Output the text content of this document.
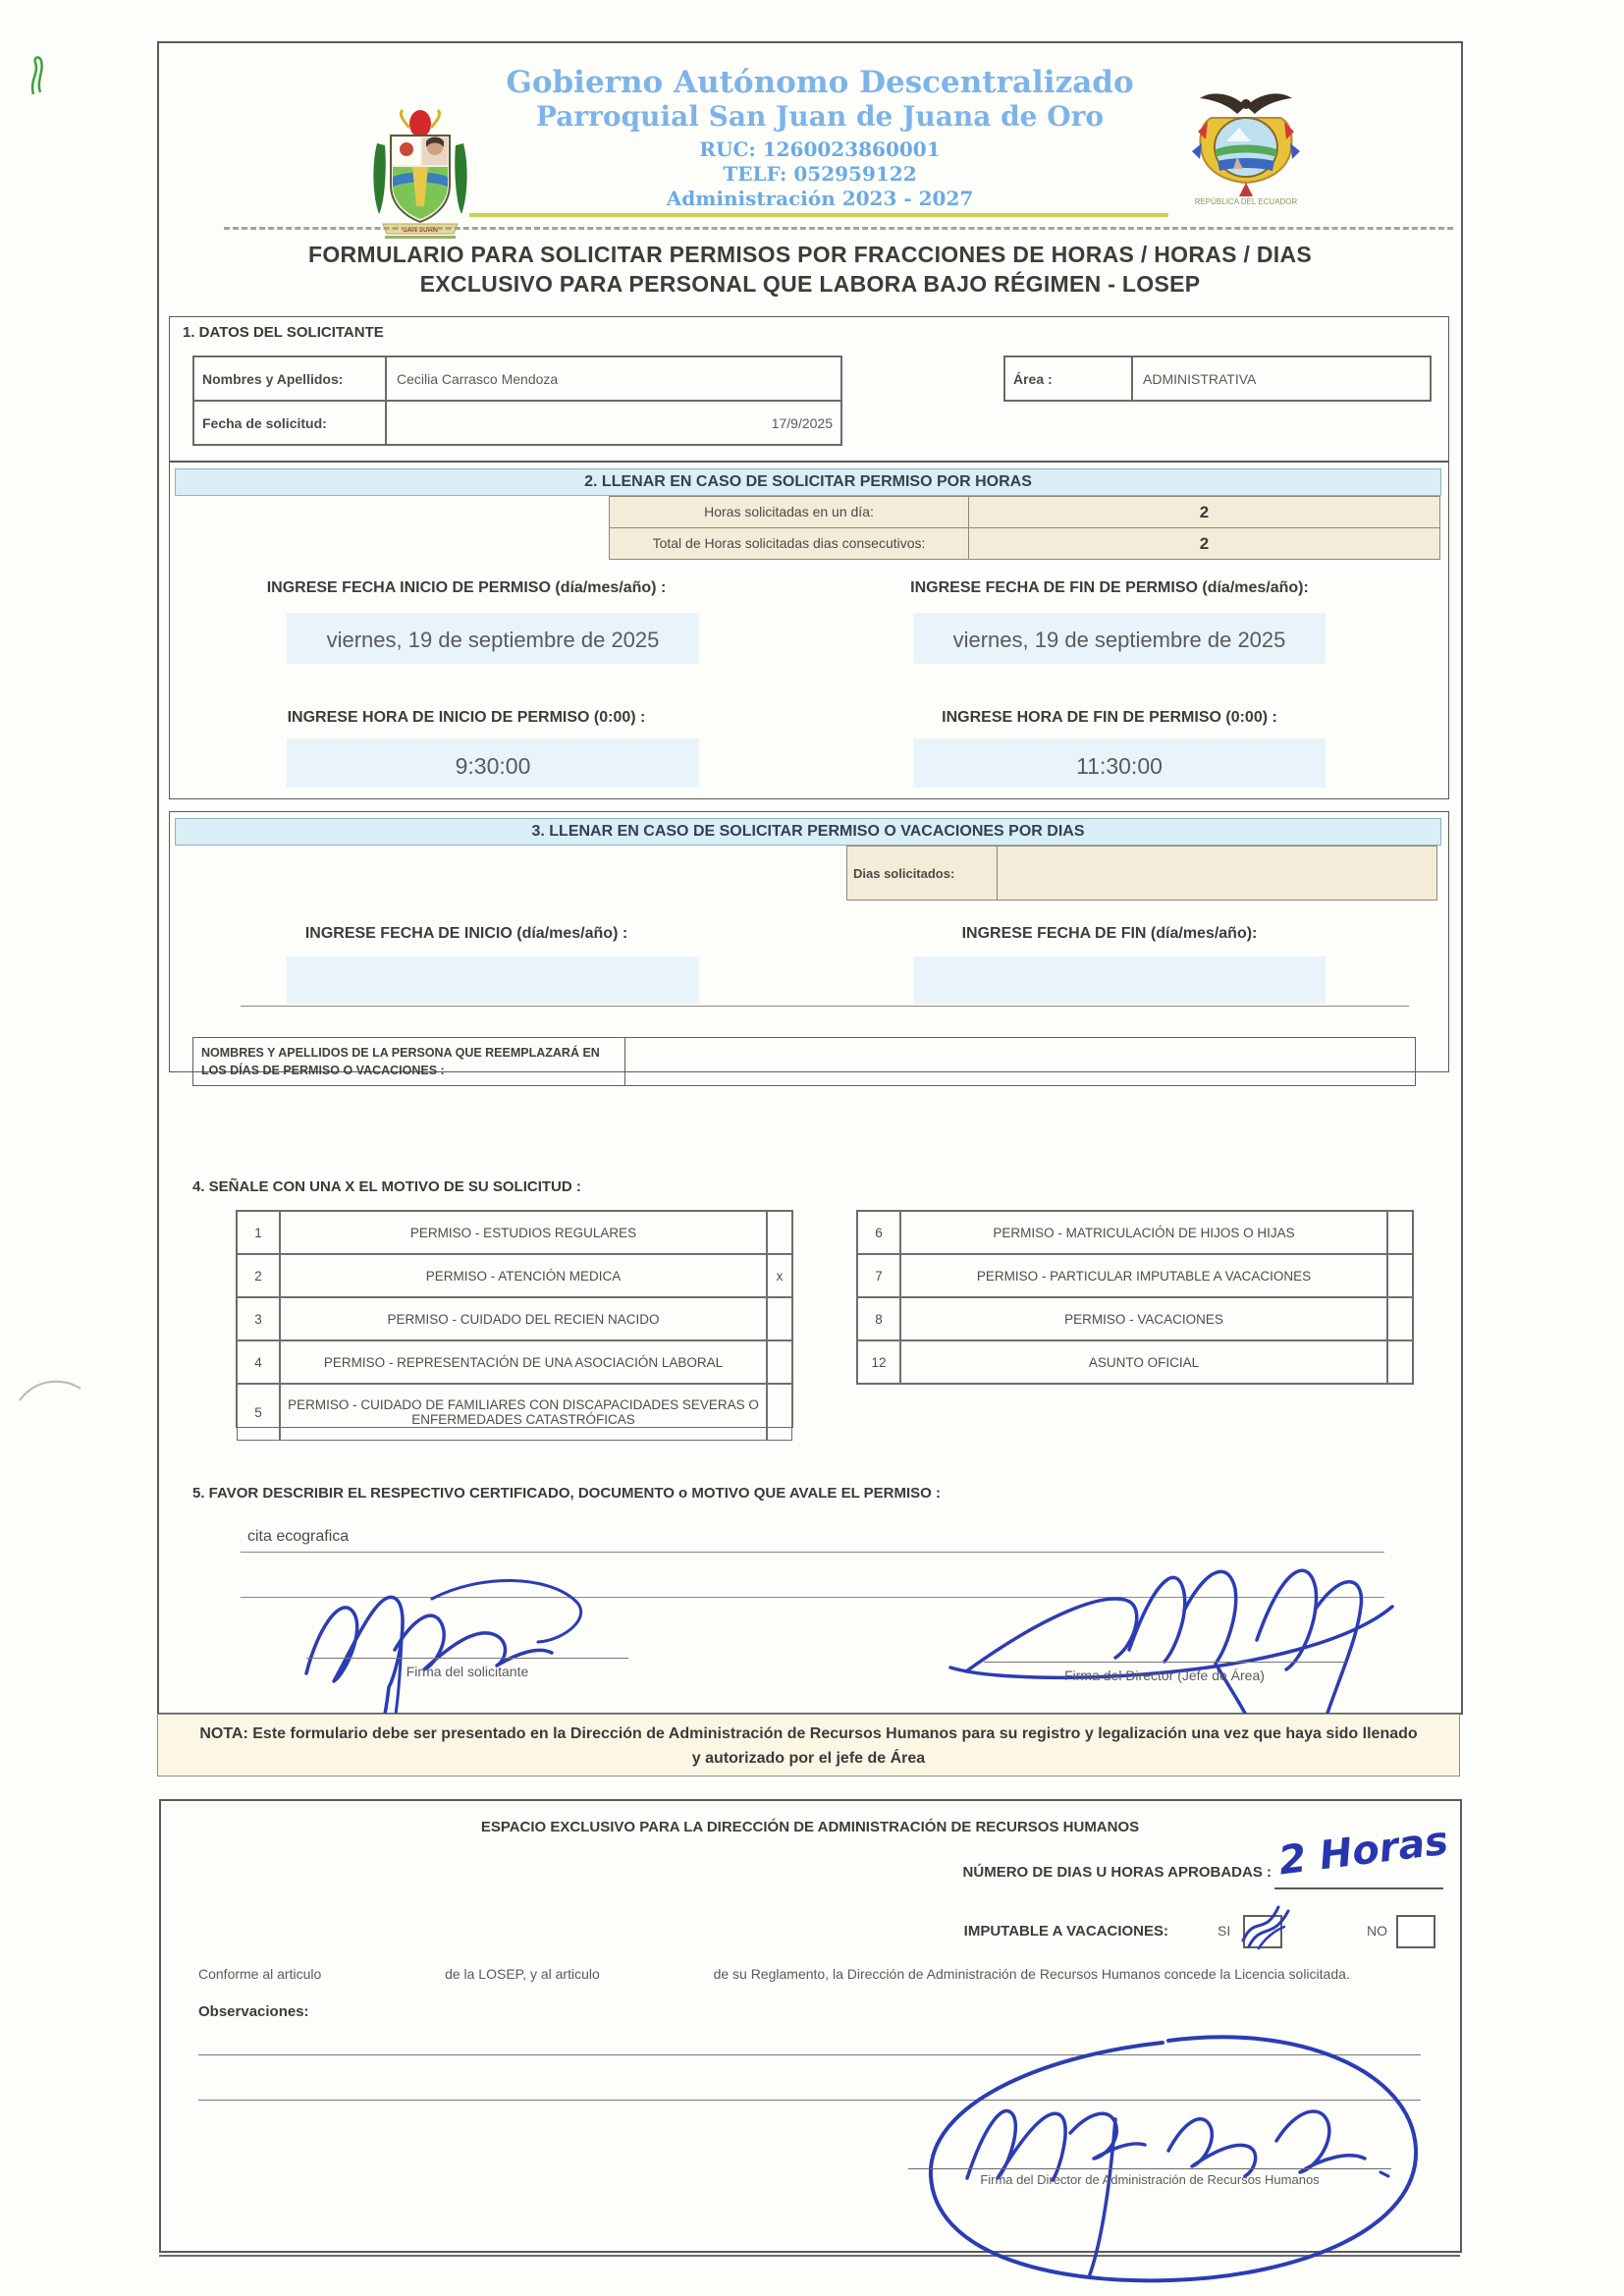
SAN JUAN
Gobierno Autónomo Descentralizado
Parroquial San Juan de Juana de Oro
RUC: 1260023860001
TELF: 052959122
Administración 2023 - 2027	REPÚBLICA DEL ECUADOR
FORMULARIO PARA SOLICITAR PERMISOS POR FRACCIONES DE HORAS / HORAS / DIAS
EXCLUSIVO PARA PERSONAL QUE LABORA BAJO RÉGIMEN - LOSEP
1. DATOS DEL SOLICITANTE
Nombres y Apellidos:	Cecilia Carrasco Mendoza
Fecha de solicitud:	17/9/2025
Área :	ADMINISTRATIVA
2. LLENAR EN CASO DE SOLICITAR PERMISO POR HORAS
Horas solicitadas en un día:	2
Total de Horas solicitadas dias consecutivos:	2
INGRESE FECHA INICIO DE PERMISO (día/mes/año) :
viernes, 19 de septiembre de 2025
INGRESE FECHA DE FIN DE PERMISO (día/mes/año):
viernes, 19 de septiembre de 2025
INGRESE HORA DE INICIO DE PERMISO (0:00) :
9:30:00
INGRESE HORA DE FIN DE PERMISO (0:00) :
11:30:00
3. LLENAR EN CASO DE SOLICITAR PERMISO O VACACIONES POR DIAS
Dias solicitados:
INGRESE FECHA DE INICIO (día/mes/año) :	INGRESE FECHA DE FIN (día/mes/año):
NOMBRES Y APELLIDOS DE LA PERSONA QUE REEMPLAZARÁ EN LOS DÍAS DE PERMISO O VACACIONES :
4. SEÑALE CON UNA X EL MOTIVO DE SU SOLICITUD :
1	PERMISO - ESTUDIOS REGULARES
2	PERMISO - ATENCIÓN MEDICA	x
3	PERMISO - CUIDADO DEL RECIEN NACIDO
4	PERMISO - REPRESENTACIÓN DE UNA ASOCIACIÓN LABORAL
5	PERMISO - CUIDADO DE FAMILIARES CON DISCAPACIDADES SEVERAS O ENFERMEDADES CATASTRÓFICAS
6	PERMISO - MATRICULACIÓN DE HIJOS O HIJAS
7	PERMISO - PARTICULAR IMPUTABLE A VACACIONES
8	PERMISO - VACACIONES
12	ASUNTO OFICIAL
5. FAVOR DESCRIBIR EL RESPECTIVO CERTIFICADO, DOCUMENTO o MOTIVO QUE AVALE EL PERMISO :
cita ecografica
Firma del solicitante	Firma del Director (Jefe de Área)
NOTA: Este formulario debe ser presentado en la Dirección de Administración de Recursos Humanos para su registro y legalización una vez que haya sido llenado y autorizado por el jefe de Área
ESPACIO EXCLUSIVO PARA LA DIRECCIÓN DE ADMINISTRACIÓN DE RECURSOS HUMANOS
NÚMERO DE DIAS U HORAS APROBADAS : 2 Horas
IMPUTABLE A VACACIONES:	SI	NO
Conforme al articulo	de la LOSEP, y al articulo	de su Reglamento, la Dirección de Administración de Recursos Humanos concede la Licencia solicitada.
Observaciones:
Firma del Director de Administración de Recursos Humanos
